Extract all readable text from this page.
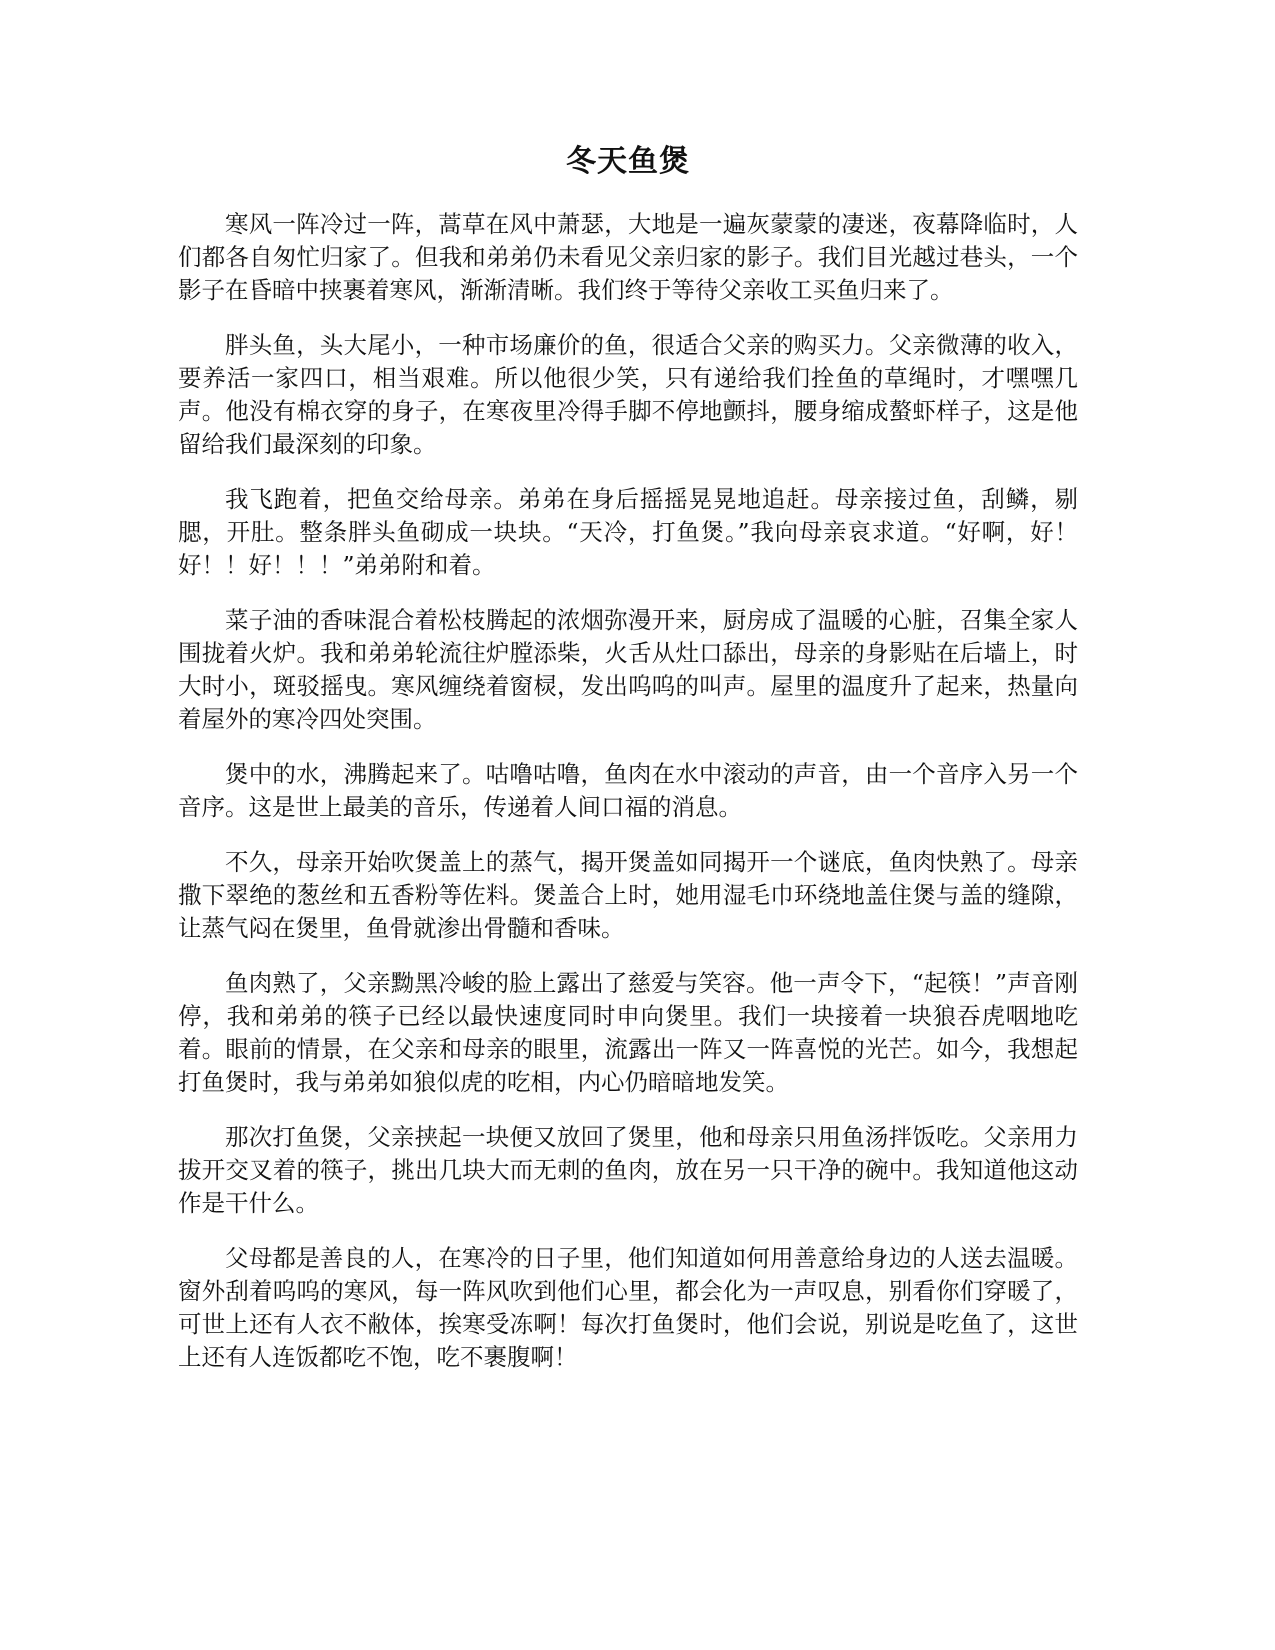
冬天鱼煲

寒风一阵冷过一阵，蒿草在风中萧瑟，大地是一遍灰蒙蒙的凄迷，夜幕降临时，人们都各自匆忙归家了。但我和弟弟仍未看见父亲归家的影子。我们目光越过巷头，一个影子在昏暗中挟裹着寒风，渐渐清晰。我们终于等待父亲收工买鱼归来了。

胖头鱼，头大尾小，一种市场廉价的鱼，很适合父亲的购买力。父亲微薄的收入，要养活一家四口，相当艰难。所以他很少笑，只有递给我们拴鱼的草绳时，才嘿嘿几声。他没有棉衣穿的身子，在寒夜里冷得手脚不停地颤抖，腰身缩成螯虾样子，这是他留给我们最深刻的印象。

我飞跑着，把鱼交给母亲。弟弟在身后摇摇晃晃地追赶。母亲接过鱼，刮鳞，剔腮，开肚。整条胖头鱼砌成一块块。“天冷，打鱼煲。”我向母亲哀求道。“好啊，好！好！！好！！！”弟弟附和着。

菜子油的香味混合着松枝腾起的浓烟弥漫开来，厨房成了温暖的心脏，召集全家人围拢着火炉。我和弟弟轮流往炉膛添柴，火舌从灶口舔出，母亲的身影贴在后墙上，时大时小，斑驳摇曳。寒风缠绕着窗棂，发出呜呜的叫声。屋里的温度升了起来，热量向着屋外的寒冷四处突围。

煲中的水，沸腾起来了。咕噜咕噜，鱼肉在水中滚动的声音，由一个音序入另一个音序。这是世上最美的音乐，传递着人间口福的消息。

不久，母亲开始吹煲盖上的蒸气，揭开煲盖如同揭开一个谜底，鱼肉快熟了。母亲撒下翠绝的葱丝和五香粉等佐料。煲盖合上时，她用湿毛巾环绕地盖住煲与盖的缝隙，让蒸气闷在煲里，鱼骨就渗出骨髓和香味。

鱼肉熟了，父亲黝黑冷峻的脸上露出了慈爱与笑容。他一声令下，“起筷！”声音刚停，我和弟弟的筷子已经以最快速度同时申向煲里。我们一块接着一块狼吞虎咽地吃着。眼前的情景，在父亲和母亲的眼里，流露出一阵又一阵喜悦的光芒。如今，我想起打鱼煲时，我与弟弟如狼似虎的吃相，内心仍暗暗地发笑。

那次打鱼煲，父亲挟起一块便又放回了煲里，他和母亲只用鱼汤拌饭吃。父亲用力拔开交叉着的筷子，挑出几块大而无刺的鱼肉，放在另一只干净的碗中。我知道他这动作是干什么。

父母都是善良的人，在寒冷的日子里，他们知道如何用善意给身边的人送去温暖。窗外刮着呜呜的寒风，每一阵风吹到他们心里，都会化为一声叹息，别看你们穿暖了，可世上还有人衣不敝体，挨寒受冻啊！每次打鱼煲时，他们会说，别说是吃鱼了，这世上还有人连饭都吃不饱，吃不裹腹啊！
